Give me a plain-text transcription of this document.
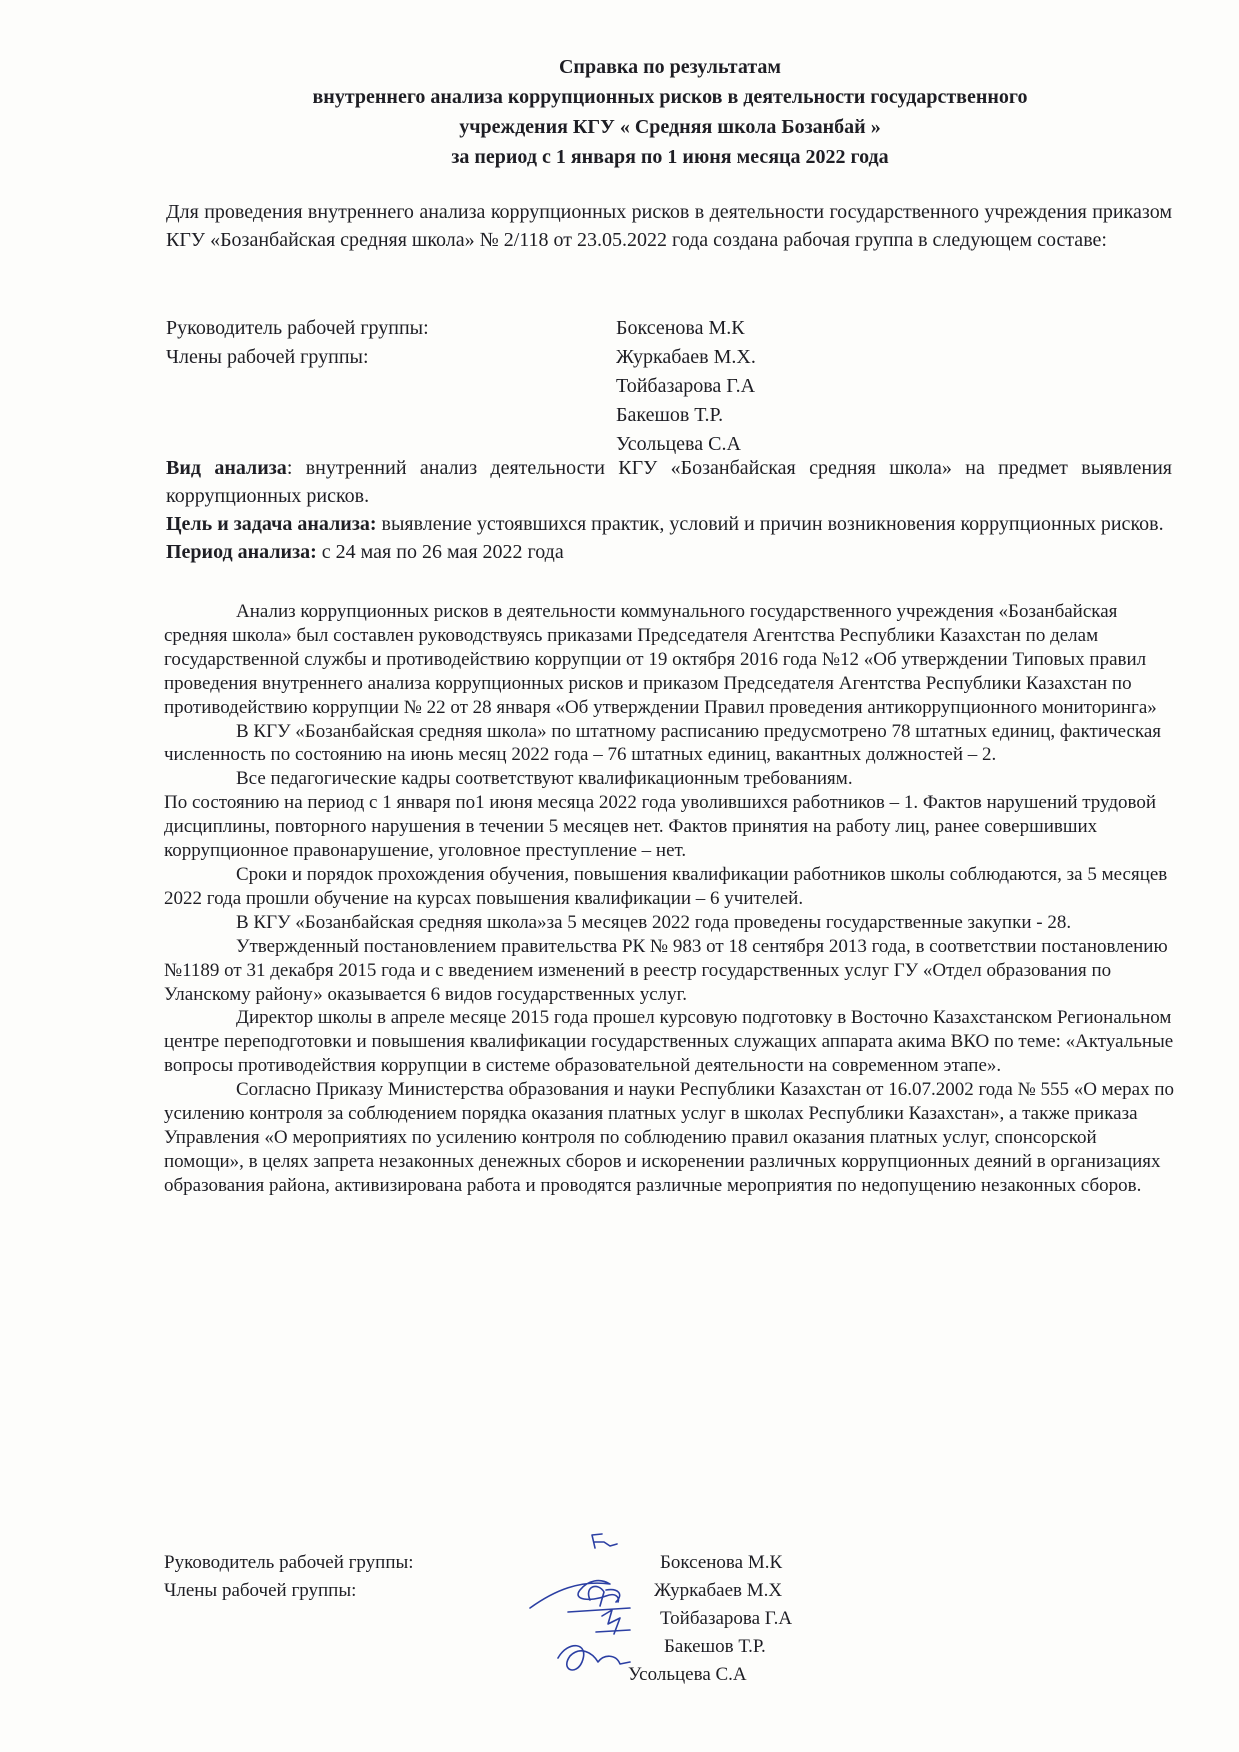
Справка по результатам
внутреннего анализа коррупционных рисков в деятельности государственного
учреждения КГУ « Средняя школа Бозанбай »
за период с 1 января по 1 июня месяца 2022 года
Для проведения внутреннего анализа коррупционных рисков в деятельности государственного учреждения приказом КГУ «Бозанбайская средняя школа» № 2/118 от 23.05.2022 года создана рабочая группа в следующем составе:
Руководитель рабочей группы:
Члены рабочей группы:
Боксенова М.К
Журкабаев М.Х.
Тойбазарова Г.А
Бакешов Т.Р.
Усольцева С.А

Вид анализа: внутренний анализ деятельности КГУ «Бозанбайская средняя школа» на предмет выявления коррупционных рисков.

Цель и задача анализа: выявление устоявшихся практик, условий и причин возникновения коррупционных рисков.

Период анализа: с 24 мая по 26 мая 2022 года

Анализ коррупционных рисков в деятельности коммунального государственного учреждения «Бозанбайская средняя школа» был составлен руководствуясь приказами Председателя Агентства Республики Казахстан по делам государственной службы и противодействию коррупции от 19 октября 2016 года №12 «Об утверждении Типовых правил проведения внутреннего анализа коррупционных рисков и приказом Председателя Агентства Республики Казахстан по противодействию коррупции № 22 от 28 января «Об утверждении Правил проведения антикоррупционного мониторинга»

В КГУ «Бозанбайская средняя школа» по штатному расписанию предусмотрено 78 штатных единиц, фактическая численность по состоянию на июнь месяц 2022 года – 76 штатных единиц, вакантных должностей – 2.

Все педагогические кадры соответствуют квалификационным требованиям.

По состоянию на период с 1 января по1 июня месяца 2022 года уволившихся работников – 1. Фактов нарушений трудовой дисциплины, повторного нарушения в течении 5 месяцев нет. Фактов принятия на работу лиц, ранее совершивших коррупционное правонарушение, уголовное преступление – нет.

Сроки и порядок прохождения обучения, повышения квалификации работников школы соблюдаются, за 5 месяцев 2022 года прошли обучение на курсах повышения квалификации – 6 учителей.

В КГУ «Бозанбайская средняя школа»за 5 месяцев 2022 года проведены государственные закупки - 28.

Утвержденный постановлением правительства РК № 983 от 18 сентября 2013 года, в соответствии постановлению №1189 от 31 декабря 2015 года и с введением изменений в реестр государственных услуг ГУ «Отдел образования по Уланскому району» оказывается 6 видов государственных услуг.

Директор школы в апреле месяце 2015 года прошел курсовую подготовку в Восточно Казахстанском Региональном центре переподготовки и повышения квалификации государственных служащих аппарата акима ВКО по теме: «Актуальные вопросы противодействия коррупции в системе образовательной деятельности на современном этапе».

Согласно Приказу Министерства образования и науки Республики Казахстан от 16.07.2002 года № 555 «О мерах по усилению контроля за соблюдением порядка оказания платных услуг в школах Республики Казахстан», а также приказа Управления «О мероприятиях по усилению контроля по соблюдению правил оказания платных услуг, спонсорской помощи», в целях запрета незаконных денежных сборов и искоренении различных коррупционных деяний в организациях образования района, активизирована работа и проводятся различные мероприятия по недопущению незаконных сборов.

Руководитель рабочей группы:
Члены рабочей группы:
Боксенова М.К
Журкабаев М.Х
Тойбазарова Г.А
Бакешов Т.Р.
Усольцева С.А
